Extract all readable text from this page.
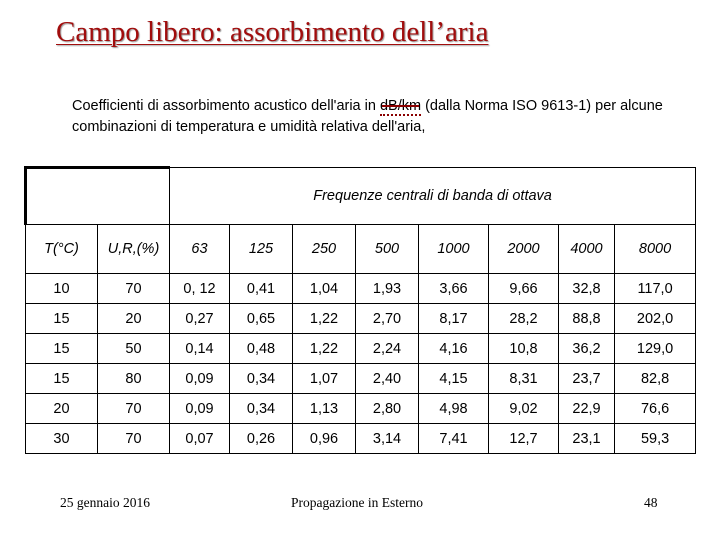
Campo libero: assorbimento dell’aria
Coefficienti di assorbimento acustico dell'aria in dB/km
(dalla Norma ISO 9613-1) per alcune combinazioni di temperatura e umidità relativa dell'aria,
		Frequenze centrali di banda di ottava							
T(°C)	U,R,(%)	63	125	250	500	1000	2000	4000	8000
10	70	0, 12	0,41	1,04	1,93	3,66	9,66	32,8	117,0
15	20	0,27	0,65	1,22	2,70	8,17	28,2	88,8	202,0
15	50	0,14	0,48	1,22	2,24	4,16	10,8	36,2	129,0
15	80	0,09	0,34	1,07	2,40	4,15	8,31	23,7	82,8
20	70	0,09	0,34	1,13	2,80	4,98	9,02	22,9	76,6
30	70	0,07	0,26	0,96	3,14	7,41	12,7	23,1	59,3
25 gennaio 2016	Propagazione in Esterno	48
